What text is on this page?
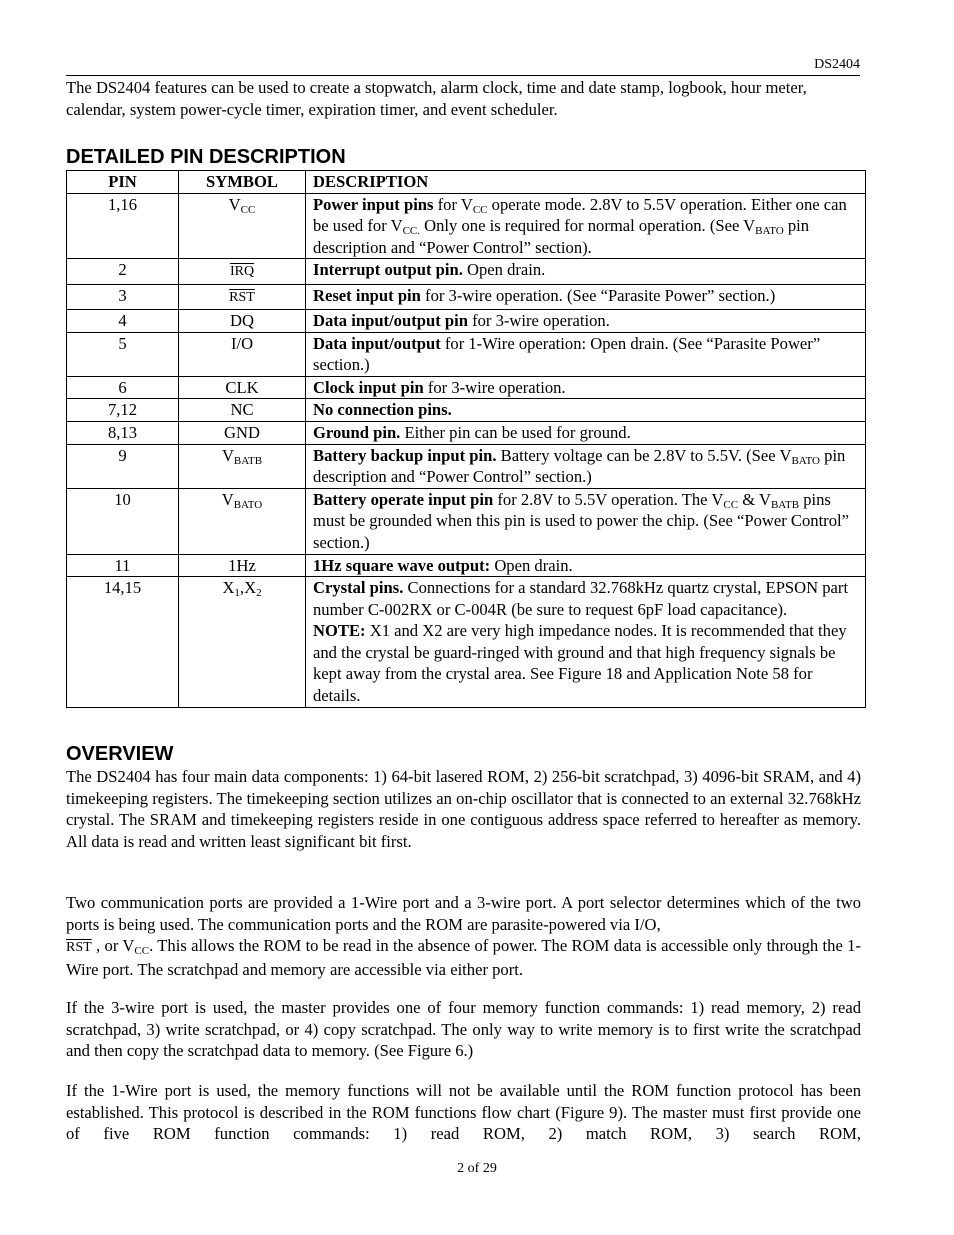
DS2404
The DS2404 features can be used to create a stopwatch, alarm clock, time and date stamp, logbook, hour meter, calendar, system power-cycle timer, expiration timer, and event scheduler.
DETAILED PIN DESCRIPTION
PIN	SYMBOL	DESCRIPTION
1,16	$V_{CC}$	Power input pins for $V_{CC}$ operate mode. 2.8V to 5.5V operation. Either one can be used for $V_{CC.}$ Only one is required for normal operation. (See $V_{BATO}$ pin description and “Power Control” section).
2	$\overline{IRQ}$	Interrupt output pin. Open drain.
3	$\overline{RST}$	Reset input pin for 3-wire operation. (See “Parasite Power” section.)
4	DQ	Data input/output pin for 3-wire operation.
5	I/O	Data input/output for 1-Wire operation: Open drain. (See “Parasite Power” section.)
6	CLK	Clock input pin for 3-wire operation.
7,12	NC	No connection pins.
8,13	GND	Ground pin. Either pin can be used for ground.
9	$V_{BATB}$	Battery backup input pin. Battery voltage can be 2.8V to 5.5V. (See $V_{BATO}$ pin description and “Power Control” section.)
10	$V_{BATO}$	Battery operate input pin for 2.8V to 5.5V operation. The $V_{CC}$ & $V_{BATB}$ pins must be grounded when this pin is used to power the chip. (See “Power Control” section.)
11	1Hz	1Hz square wave output: Open drain.
14,15	$X_1,X_2$	Crystal pins. Connections for a standard 32.768kHz quartz crystal, EPSON part number C-002RX or C-004R (be sure to request 6pF load capacitance).
NOTE: X1 and X2 are very high impedance nodes. It is recommended that they and the crystal be guard-ringed with ground and that high frequency signals be kept away from the crystal area. See Figure 18 and Application Note 58 for details.
OVERVIEW
The DS2404 has four main data components: 1) 64-bit lasered ROM, 2) 256-bit scratchpad, 3) 4096-bit SRAM, and 4) timekeeping registers. The timekeeping section utilizes an on-chip oscillator that is connected to an external 32.768kHz crystal. The SRAM and timekeeping registers reside in one contiguous address space referred to hereafter as memory. All data is read and written least significant bit first.
Two communication ports are provided a 1-Wire port and a 3-wire port. A port selector determines which of the two ports is being used. The communication ports and the ROM are parasite-powered via I/O,
$\overline{RST}$ , or $V_{CC}$. This allows the ROM to be read in the absence of power. The ROM data is accessible only through the 1-Wire port. The scratchpad and memory are accessible via either port.
If the 3-wire port is used, the master provides one of four memory function commands: 1) read memory, 2) read scratchpad, 3) write scratchpad, or 4) copy scratchpad. The only way to write memory is to first write the scratchpad and then copy the scratchpad data to memory. (See Figure 6.)
If the 1-Wire port is used, the memory functions will not be available until the ROM function protocol has been established. This protocol is described in the ROM functions flow chart (Figure 9). The master must first provide one of five ROM function commands: 1) read ROM, 2) match ROM, 3) search ROM,
2 of 29
